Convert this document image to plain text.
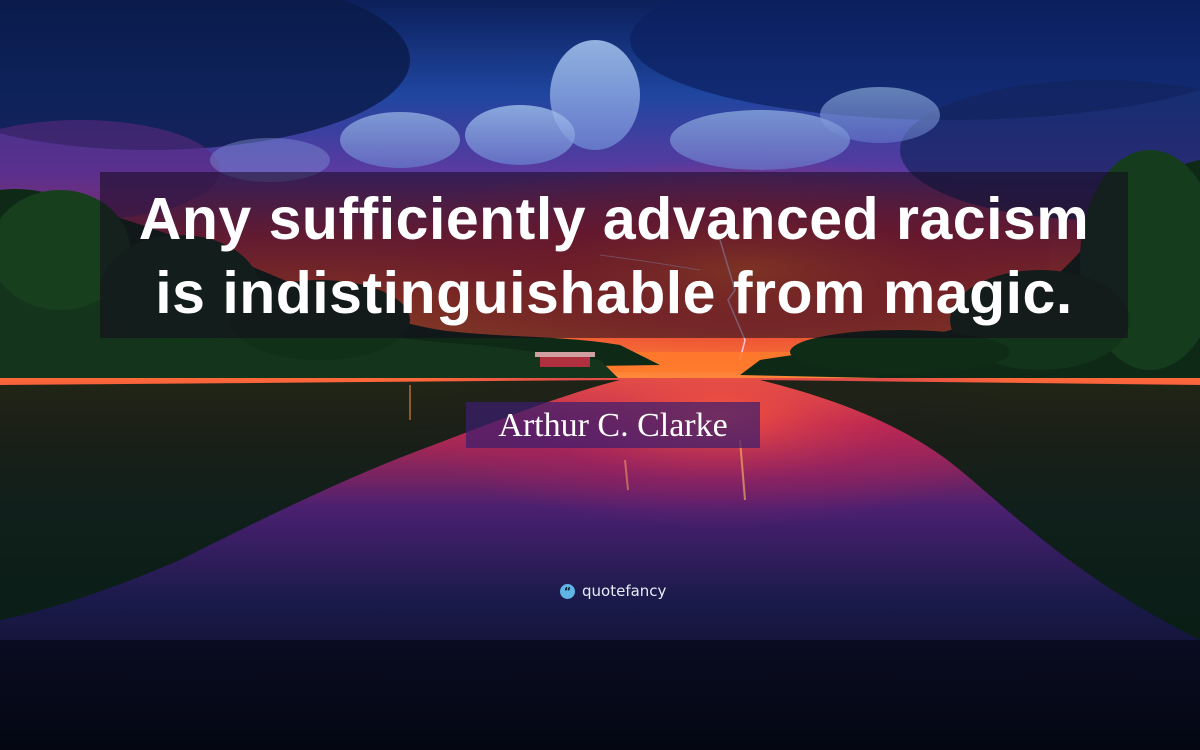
Any sufficiently advanced racism
is indistinguishable from magic.
Arthur C. Clarke
“ quotefancy
